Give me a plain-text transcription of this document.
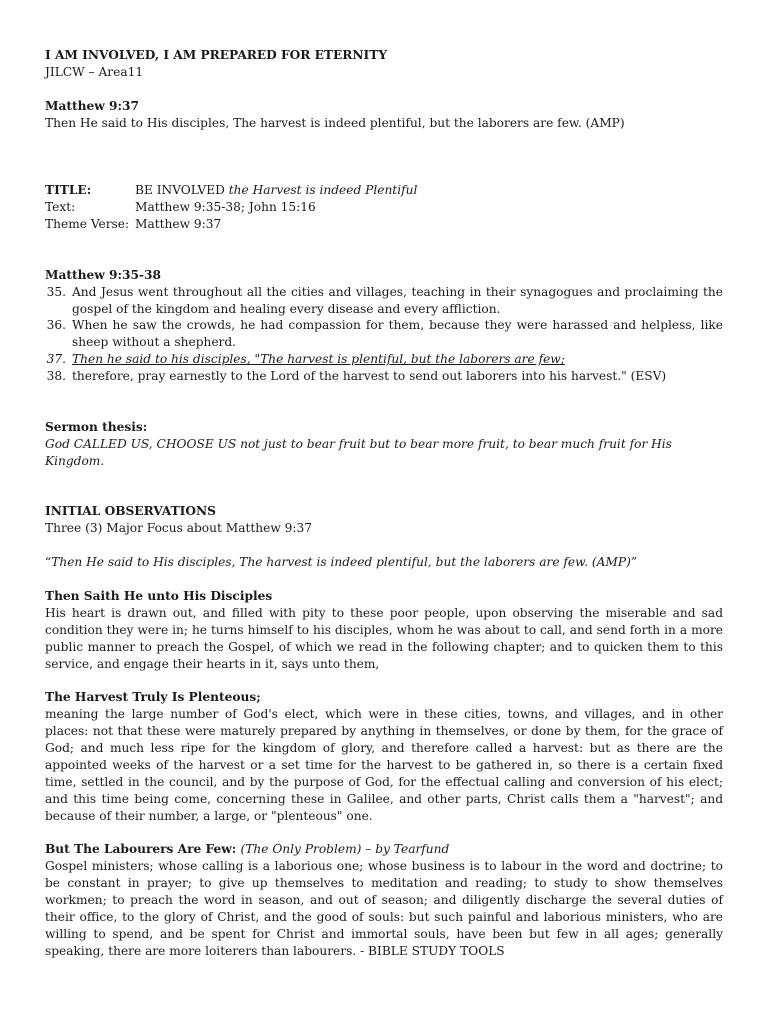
I AM INVOLVED, I AM PREPARED FOR ETERNITY

JILCW – Area11

Matthew 9:37

Then He said to His disciples, The harvest is indeed plentiful, but the laborers are few. (AMP)

TITLE:	BE INVOLVED the Harvest is indeed Plentiful
Text:	Matthew 9:35-38; John 15:16
Theme Verse: Matthew 9:37

Matthew 9:35-38

35. And Jesus went throughout all the cities and villages, teaching in their synagogues and proclaiming the gospel of the kingdom and healing every disease and every affliction.
36. When he saw the crowds, he had compassion for them, because they were harassed and helpless, like sheep without a shepherd.
37. Then he said to his disciples, "The harvest is plentiful, but the laborers are few;
38. therefore, pray earnestly to the Lord of the harvest to send out laborers into his harvest." (ESV)

Sermon thesis:

God CALLED US, CHOOSE US not just to bear fruit but to bear more fruit, to bear much fruit for His Kingdom.

INITIAL OBSERVATIONS

Three (3) Major Focus about Matthew 9:37

“Then He said to His disciples, The harvest is indeed plentiful, but the laborers are few. (AMP)”

Then Saith He unto His Disciples

His heart is drawn out, and filled with pity to these poor people, upon observing the miserable and sad condition they were in; he turns himself to his disciples, whom he was about to call, and send forth in a more public manner to preach the Gospel, of which we read in the following chapter; and to quicken them to this service, and engage their hearts in it, says unto them,

The Harvest Truly Is Plenteous;

meaning the large number of God's elect, which were in these cities, towns, and villages, and in other places: not that these were maturely prepared by anything in themselves, or done by them, for the grace of God; and much less ripe for the kingdom of glory, and therefore called a harvest: but as there are the appointed weeks of the harvest or a set time for the harvest to be gathered in, so there is a certain fixed time, settled in the council, and by the purpose of God, for the effectual calling and conversion of his elect; and this time being come, concerning these in Galilee, and other parts, Christ calls them a "harvest"; and because of their number, a large, or "plenteous" one.

But The Labourers Are Few: (The Only Problem) – by Tearfund

Gospel ministers; whose calling is a laborious one; whose business is to labour in the word and doctrine; to be constant in prayer; to give up themselves to meditation and reading; to study to show themselves workmen; to preach the word in season, and out of season; and diligently discharge the several duties of their office, to the glory of Christ, and the good of souls: but such painful and laborious ministers, who are willing to spend, and be spent for Christ and immortal souls, have been but few in all ages; generally speaking, there are more loiterers than labourers. - BIBLE STUDY TOOLS
